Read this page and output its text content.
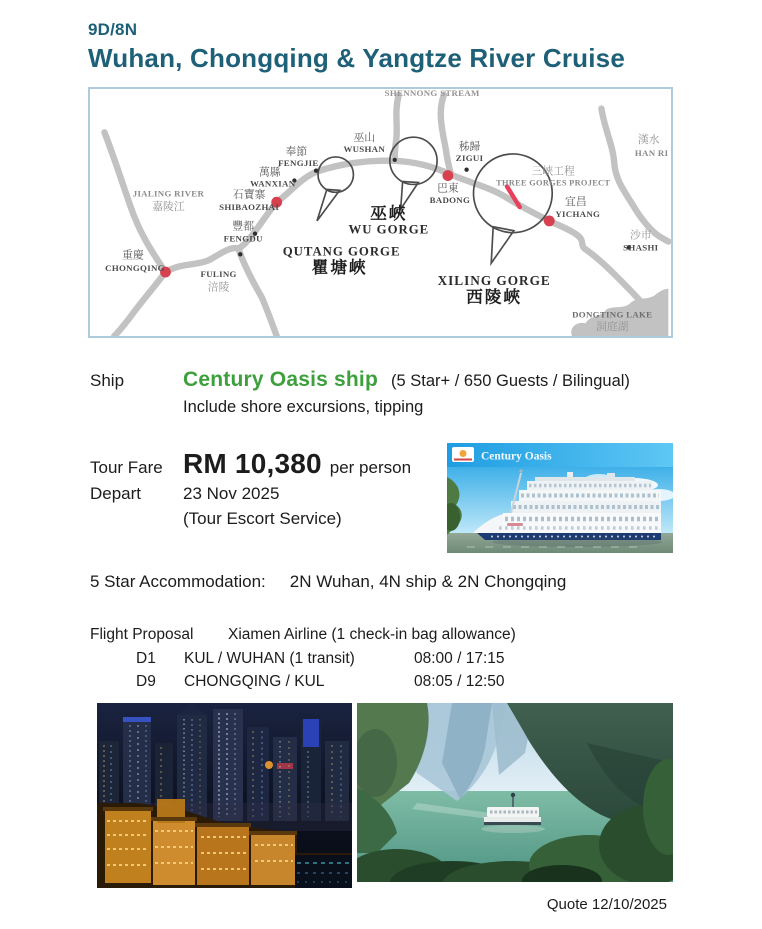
9D/8N
Wuhan, Chongqing & Yangtze River Cruise
SHENNONG STREAM
巫山
WUSHAN
奉節
FENGJIE
萬縣
WANXIAN
秭歸
ZIGUI
漢水
HAN RI
三峽工程
THREE GORGES PROJECT
石寶寨
SHIBAOZHAI
JIALING RIVER
嘉陵江
巴東
BADONG
巫峽
WU GORGE
豐都
FENGDU
QUTANG GORGE
瞿塘峽
宜昌
YICHANG
沙市
SHASHI
重慶
CHONGQING
FULING
涪陵	XILING GORGE
西陵峽
DONGTING LAKE
洞庭湖
Ship	Century Oasis ship (5 Star+ / 650 Guests / Bilingual)
Include shore excursions, tipping
Tour Fare RM 10,380 per person
Depart	23 Nov 2025
(Tour Escort Service)
Century Oasis
5 Star Accommodation: 2N Wuhan, 4N ship & 2N Chongqing
Flight Proposal Xiamen Airline (1 check-in bag allowance)
D1 KUL / WUHAN (1 transit)	08:00 / 17:15
D9 CHONGQING / KUL	08:05 / 12:50
Quote 12/10/2025
